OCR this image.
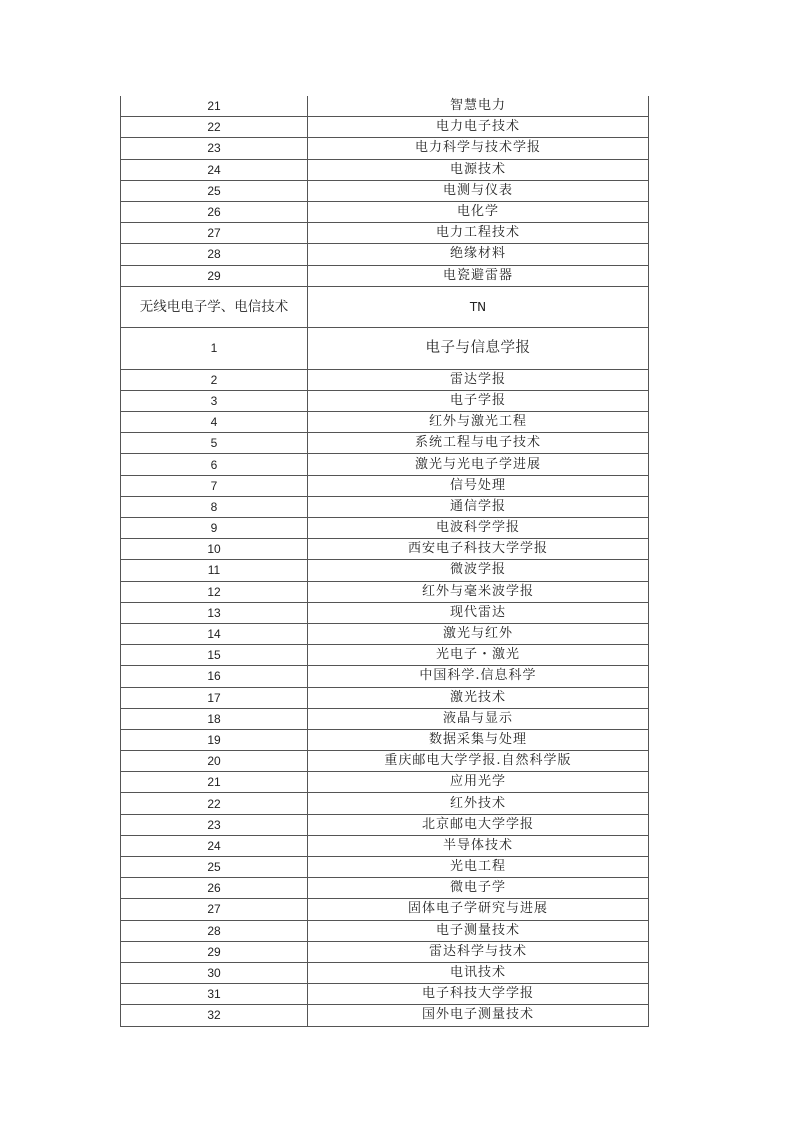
21	智慧电力
22	电力电子技术
23	电力科学与技术学报
24	电源技术
25	电测与仪表
26	电化学
27	电力工程技术
28	绝缘材料
29	电瓷避雷器
无线电电子学、电信技术	TN
1	电子与信息学报
2	雷达学报
3	电子学报
4	红外与激光工程
5	系统工程与电子技术
6	激光与光电子学进展
7	信号处理
8	通信学报
9	电波科学学报
10	西安电子科技大学学报
11	微波学报
12	红外与毫米波学报
13	现代雷达
14	激光与红外
15	光电子・激光
16	中国科学.信息科学
17	激光技术
18	液晶与显示
19	数据采集与处理
20	重庆邮电大学学报.自然科学版
21	应用光学
22	红外技术
23	北京邮电大学学报
24	半导体技术
25	光电工程
26	微电子学
27	固体电子学研究与进展
28	电子测量技术
29	雷达科学与技术
30	电讯技术
31	电子科技大学学报
32	国外电子测量技术
